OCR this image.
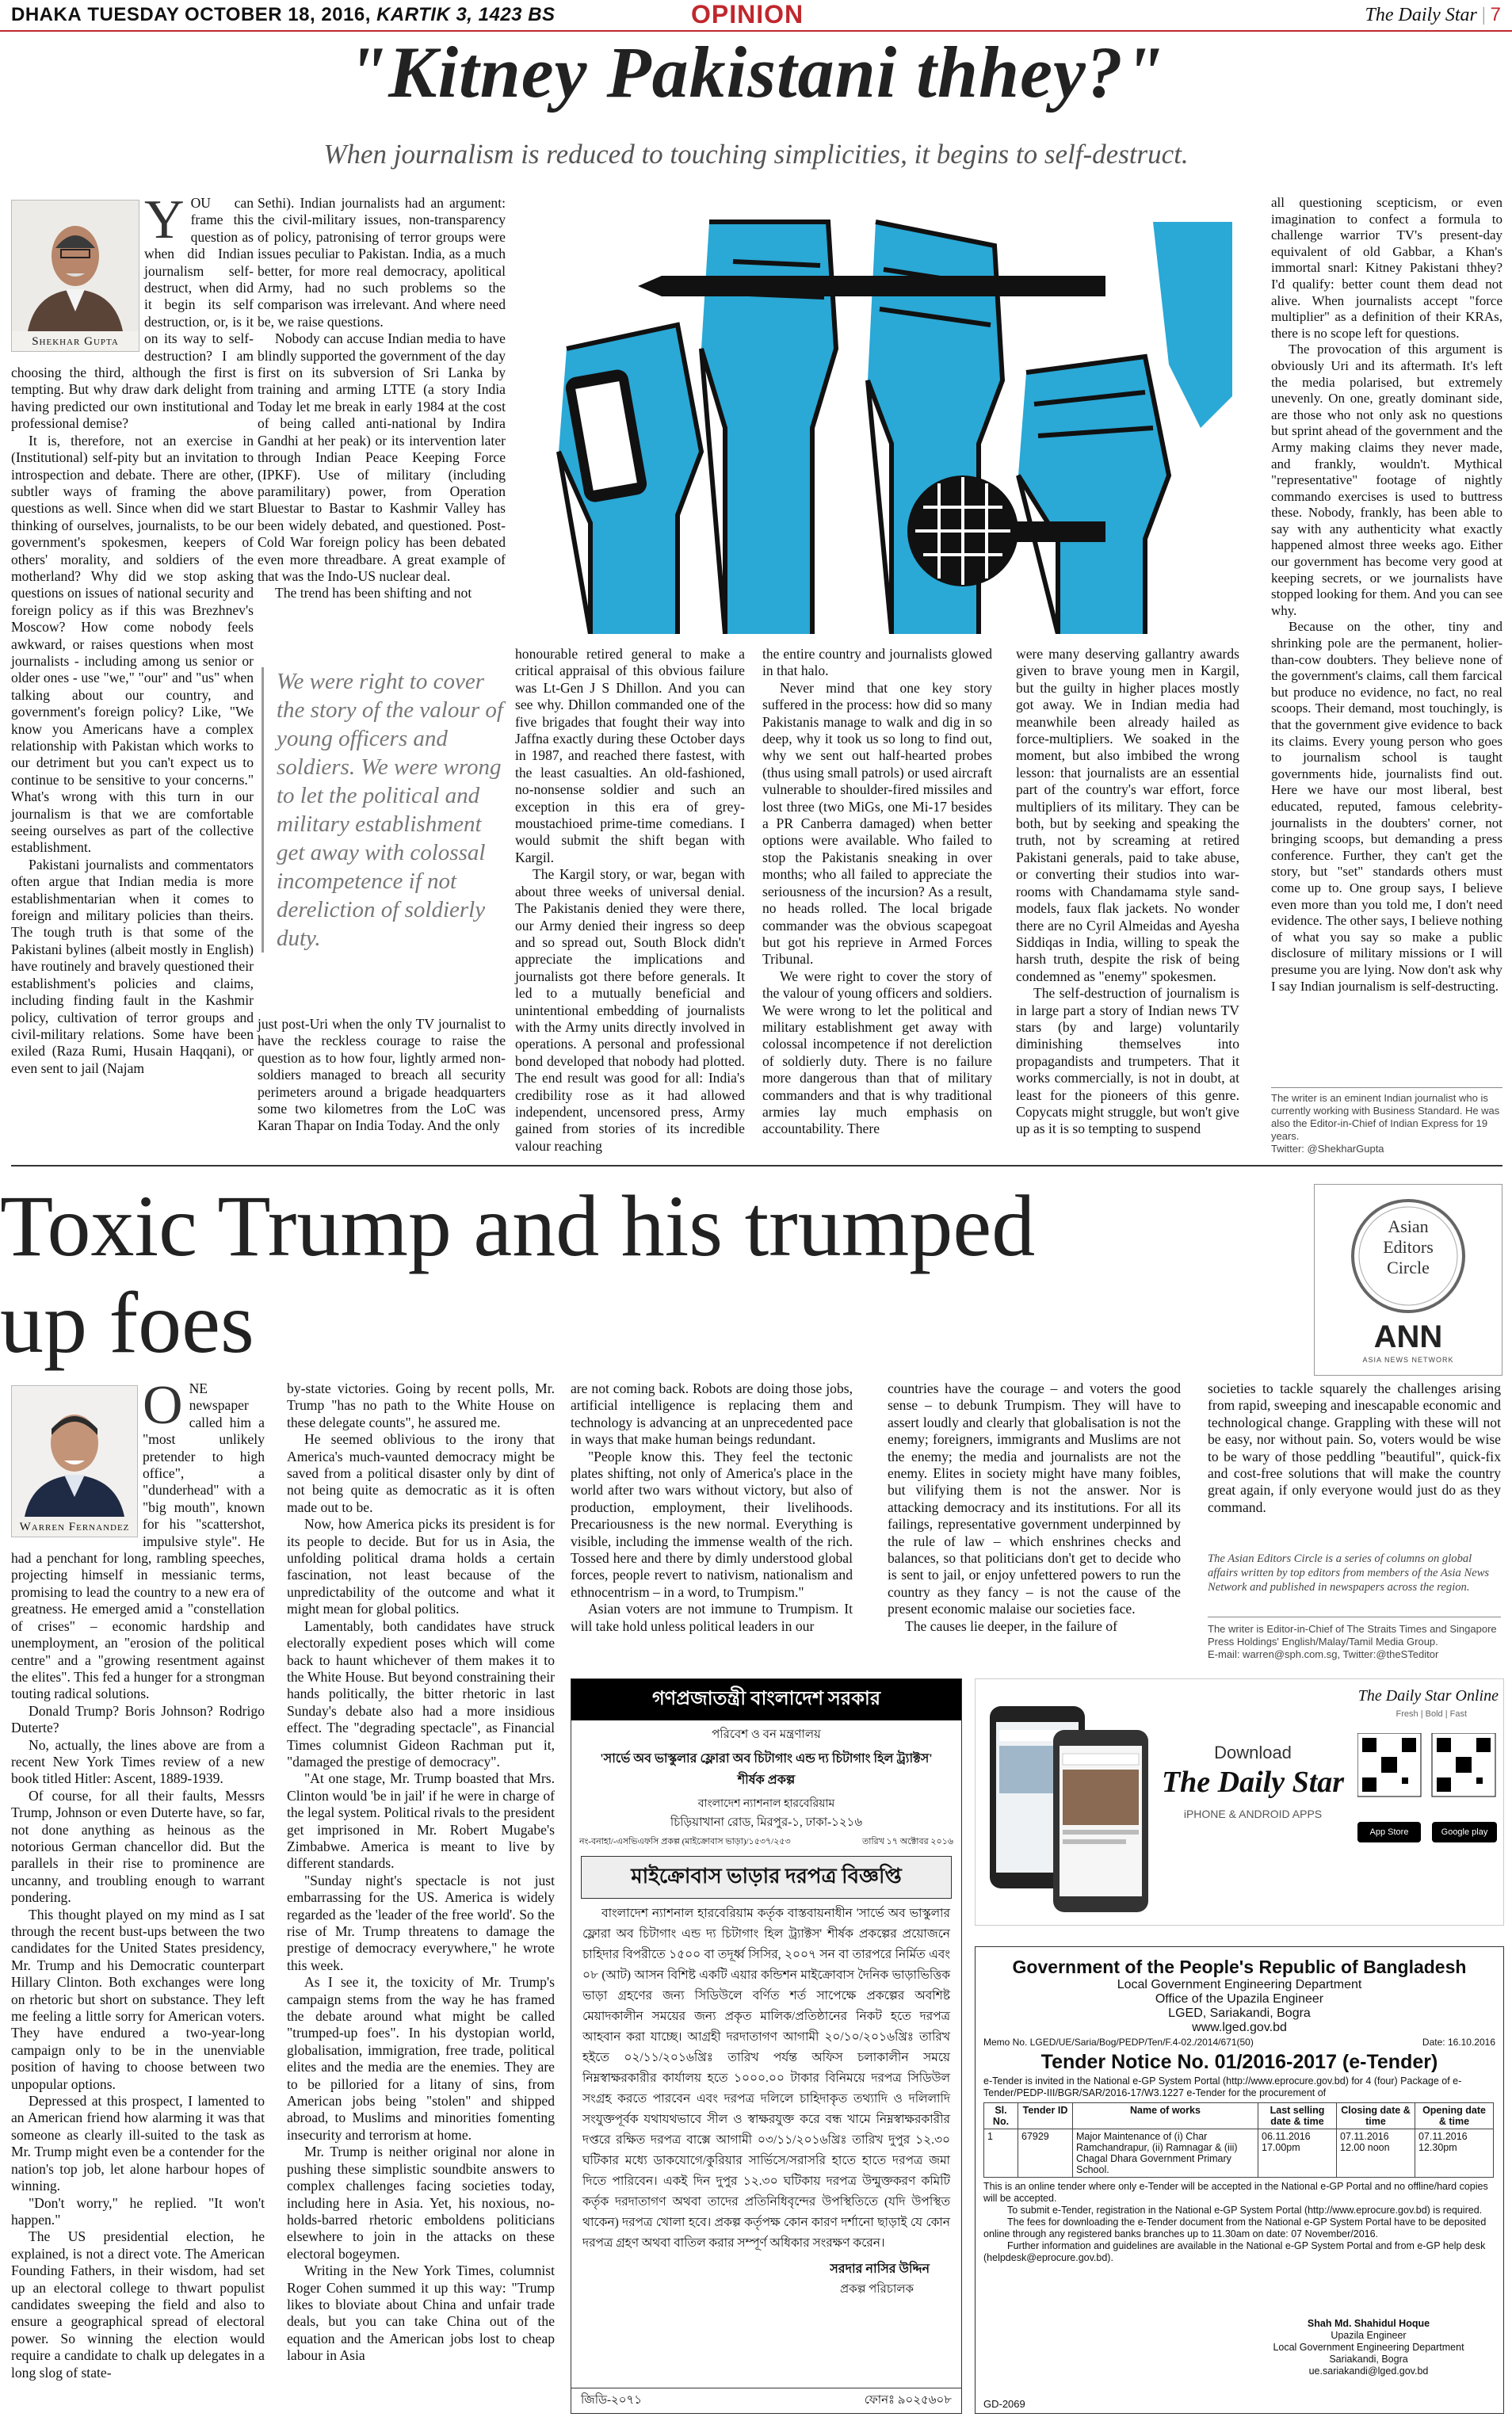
DHAKA TUESDAY OCTOBER 18, 2016, KARTIK 3, 1423 BS	OPINION	The Daily Star | 7
"Kitney Pakistani thhey?"
When journalism is reduced to touching simplicities, it begins to self-destruct.
Shekhar Gupta
Y OU can frame this question as when did Indian journalism self-destruct, when did it begin its self destruction, or, is it on its way to self-destruction? I am choosing the third, although the first is tempting. But why draw dark delight from having predicted our own institutional and professional demise?

It is, therefore, not an exercise in (Institutional) self-pity but an invitation to introspection and debate. There are other, subtler ways of framing the above questions as well. Since when did we start thinking of ourselves, journalists, to be our government's spokesmen, keepers of others' morality, and soldiers of the motherland? Why did we stop asking questions on issues of national security and foreign policy as if this was Brezhnev's Moscow? How come nobody feels awkward, or raises questions when most journalists - including among us senior or older ones - use "we," "our" and "us" when talking about our country, and government's foreign policy? Like, "We know you Americans have a complex relationship with Pakistan which works to our detriment but you can't expect us to continue to be sensitive to your concerns." What's wrong with this turn in our journalism is that we are comfortable seeing ourselves as part of the collective establishment.

Pakistani journalists and commentators often argue that Indian media is more establishmentarian when it comes to foreign and military policies than theirs. The tough truth is that some of the Pakistani bylines (albeit mostly in English) have routinely and bravely questioned their establishment's policies and claims, including finding fault in the Kashmir policy, cultivation of terror groups and civil-military relations. Some have been exiled (Raza Rumi, Husain Haqqani), or even sent to jail (Najam

Sethi). Indian journalists had an argument: the civil-military issues, non-transparency of policy, patronising of terror groups were issues peculiar to Pakistan. India, as a much better, for more real democracy, apolitical Army, had no such problems so the comparison was irrelevant. And where need be, we raise questions.

Nobody can accuse Indian media to have blindly supported the government of the day first on its subversion of Sri Lanka by training and arming LTTE (a story India Today let me break in early 1984 at the cost of being called anti-national by Indira Gandhi at her peak) or its intervention later through Indian Peace Keeping Force (IPKF). Use of military (including paramilitary) power, from Operation Bluestar to Bastar to Kashmir Valley has been widely debated, and questioned. Post-Cold War foreign policy has been debated even more threadbare. A great example of that was the Indo-US nuclear deal.

The trend has been shifting and not

We were right to cover the story of the valour of young officers and soldiers. We were wrong to let the political and military establishment get away with colossal incompetence if not dereliction of soldierly duty.

just post-Uri when the only TV journalist to have the reckless courage to raise the question as to how four, lightly armed non-soldiers managed to breach all security perimeters around a brigade headquarters some two kilometres from the LoC was Karan Thapar on India Today. And the only

honourable retired general to make a critical appraisal of this obvious failure was Lt-Gen J S Dhillon. And you can see why. Dhillon commanded one of the five brigades that fought their way into Jaffna exactly during these October days in 1987, and reached there fastest, with the least casualties. An old-fashioned, no-nonsense soldier and such an exception in this era of grey-moustachioed prime-time comedians. I would submit the shift began with Kargil.

The Kargil story, or war, began with about three weeks of universal denial. The Pakistanis denied they were there, our Army denied their ingress so deep and so spread out, South Block didn't appreciate the implications and journalists got there before generals. It led to a mutually beneficial and unintentional embedding of journalists with the Army units directly involved in operations. A personal and professional bond developed that nobody had plotted. The end result was good for all: India's credibility rose as it had allowed independent, uncensored press, Army gained from stories of its incredible valour reaching

the entire country and journalists glowed in that halo.

Never mind that one key story suffered in the process: how did so many Pakistanis manage to walk and dig in so deep, why it took us so long to find out, why we sent out half-hearted probes (thus using small patrols) or used aircraft vulnerable to shoulder-fired missiles and lost three (two MiGs, one Mi-17 besides a PR Canberra damaged) when better options were available. Who failed to stop the Pakistanis sneaking in over months; who all failed to appreciate the seriousness of the incursion? As a result, no heads rolled. The local brigade commander was the obvious scapegoat but got his reprieve in Armed Forces Tribunal.

We were right to cover the story of the valour of young officers and soldiers. We were wrong to let the political and military establishment get away with colossal incompetence if not dereliction of soldierly duty. There is no failure more dangerous than that of military commanders and that is why traditional armies lay much emphasis on accountability. There

were many deserving gallantry awards given to brave young men in Kargil, but the guilty in higher places mostly got away. We in Indian media had meanwhile been already hailed as force-multipliers. We soaked in the moment, but also imbibed the wrong lesson: that journalists are an essential part of the country's war effort, force multipliers of its military. They can be both, but by seeking and speaking the truth, not by screaming at retired Pakistani generals, paid to take abuse, or converting their studios into war-rooms with Chandamama style sand-models, faux flak jackets. No wonder there are no Cyril Almeidas and Ayesha Siddiqas in India, willing to speak the harsh truth, despite the risk of being condemned as "enemy" spokesmen.

The self-destruction of journalism is in large part a story of Indian news TV stars (by and large) voluntarily diminishing themselves into propagandists and trumpeters. That it works commercially, is not in doubt, at least for the pioneers of this genre. Copycats might struggle, but won't give up as it is so tempting to suspend

all questioning scepticism, or even imagination to confect a formula to challenge warrior TV's present-day equivalent of old Gabbar, a Khan's immortal snarl: Kitney Pakistani thhey? I'd qualify: better count them dead not alive. When journalists accept "force multiplier" as a definition of their KRAs, there is no scope left for questions.

The provocation of this argument is obviously Uri and its aftermath. It's left the media polarised, but extremely unevenly. On one, greatly dominant side, are those who not only ask no questions but sprint ahead of the government and the Army making claims they never made, and frankly, wouldn't. Mythical "representative" footage of nightly commando exercises is used to buttress these. Nobody, frankly, has been able to say with any authenticity what exactly happened almost three weeks ago. Either our government has become very good at keeping secrets, or we journalists have stopped looking for them. And you can see why.

Because on the other, tiny and shrinking pole are the permanent, holier-than-cow doubters. They believe none of the government's claims, call them farcical but produce no evidence, no fact, no real scoops. Their demand, most touchingly, is that the government give evidence to back its claims. Every young person who goes to journalism school is taught governments hide, journalists find out. Here we have our most liberal, best educated, reputed, famous celebrity-journalists in the doubters' corner, not bringing scoops, but demanding a press conference. Further, they can't get the story, but "set" standards others must come up to. One group says, I believe even more than you told me, I don't need evidence. The other says, I believe nothing of what you say so make a public disclosure of military missions or I will presume you are lying. Now don't ask why I say Indian journalism is self-destructing.

The writer is an eminent Indian journalist who is currently working with Business Standard. He was also the Editor-in-Chief of Indian Express for 19 years.
Twitter: @ShekharGupta
Toxic Trump and his trumped
up foes
Asian
Editors
Circle
ANN
ASIA NEWS NETWORK
Warren Fernandez
O NE newspaper called him a "most unlikely pretender to high office", a "dunderhead" with a "big mouth", known for his "scattershot, impulsive style". He had a penchant for long, rambling speeches, projecting himself in messianic terms, promising to lead the country to a new era of greatness. He emerged amid a "constellation of crises" – economic hardship and unemployment, an "erosion of the political centre" and a "growing resentment against the elites". This fed a hunger for a strongman touting radical solutions.

Donald Trump? Boris Johnson? Rodrigo Duterte?

No, actually, the lines above are from a recent New York Times review of a new book titled Hitler: Ascent, 1889-1939.

Of course, for all their faults, Messrs Trump, Johnson or even Duterte have, so far, not done anything as heinous as the notorious German chancellor did. But the parallels in their rise to prominence are uncanny, and troubling enough to warrant pondering.

This thought played on my mind as I sat through the recent bust-ups between the two candidates for the United States presidency, Mr. Trump and his Democratic counterpart Hillary Clinton. Both exchanges were long on rhetoric but short on substance. They left me feeling a little sorry for American voters. They have endured a two-year-long campaign only to be in the unenviable position of having to choose between two unpopular options.

Depressed at this prospect, I lamented to an American friend how alarming it was that someone as clearly ill-suited to the task as Mr. Trump might even be a contender for the nation's top job, let alone harbour hopes of winning.

"Don't worry," he replied. "It won't happen."

The US presidential election, he explained, is not a direct vote. The American Founding Fathers, in their wisdom, had set up an electoral college to thwart populist candidates sweeping the field and also to ensure a geographical spread of electoral power. So winning the election would require a candidate to chalk up delegates in a long slog of state-

by-state victories. Going by recent polls, Mr. Trump "has no path to the White House on these delegate counts", he assured me.

He seemed oblivious to the irony that America's much-vaunted democracy might be saved from a political disaster only by dint of not being quite as democratic as it is often made out to be.

Now, how America picks its president is for its people to decide. But for us in Asia, the unfolding political drama holds a certain fascination, not least because of the unpredictability of the outcome and what it might mean for global politics.

Lamentably, both candidates have struck electorally expedient poses which will come back to haunt whichever of them makes it to the White House. But beyond constraining their hands politically, the bitter rhetoric in last Sunday's debate also had a more insidious effect. The "degrading spectacle", as Financial Times columnist Gideon Rachman put it, "damaged the prestige of democracy".

"At one stage, Mr. Trump boasted that Mrs. Clinton would 'be in jail' if he were in charge of the legal system. Political rivals to the president get imprisoned in Mr. Robert Mugabe's Zimbabwe. America is meant to live by different standards.

"Sunday night's spectacle is not just embarrassing for the US. America is widely regarded as the 'leader of the free world'. So the rise of Mr. Trump threatens to damage the prestige of democracy everywhere," he wrote this week.

As I see it, the toxicity of Mr. Trump's campaign stems from the way he has framed the debate around what might be called "trumped-up foes". In his dystopian world, globalisation, immigration, free trade, political elites and the media are the enemies. They are to be pilloried for a litany of sins, from American jobs being "stolen" and shipped abroad, to Muslims and minorities fomenting insecurity and terrorism at home.

Mr. Trump is neither original nor alone in pushing these simplistic soundbite answers to complex challenges facing societies today, including here in Asia. Yet, his noxious, no-holds-barred rhetoric emboldens politicians elsewhere to join in the attacks on these electoral bogeymen.

Writing in the New York Times, columnist Roger Cohen summed it up this way: "Trump likes to bloviate about China and unfair trade deals, but you can take China out of the equation and the American jobs lost to cheap labour in Asia

are not coming back. Robots are doing those jobs, artificial intelligence is replacing them and technology is advancing at an unprecedented pace in ways that make human beings redundant.

"People know this. They feel the tectonic plates shifting, not only of America's place in the world after two wars without victory, but also of production, employment, their livelihoods. Precariousness is the new normal. Everything is visible, including the immense wealth of the rich. Tossed here and there by dimly understood global forces, people revert to nativism, nationalism and ethnocentrism – in a word, to Trumpism."

Asian voters are not immune to Trumpism. It will take hold unless political leaders in our

countries have the courage – and voters the good sense – to debunk Trumpism. They will have to assert loudly and clearly that globalisation is not the enemy; foreigners, immigrants and Muslims are not the enemy; the media and journalists are not the enemy. Elites in society might have many foibles, but vilifying them is not the answer. Nor is attacking democracy and its institutions. For all its failings, representative government underpinned by the rule of law – which enshrines checks and balances, so that politicians don't get to decide who is sent to jail, or enjoy unfettered powers to run the country as they fancy – is not the cause of the present economic malaise our societies face.

The causes lie deeper, in the failure of

societies to tackle squarely the challenges arising from rapid, sweeping and inescapable economic and technological change. Grappling with these will not be easy, nor without pain. So, voters would be wise to be wary of those peddling "beautiful", quick-fix and cost-free solutions that will make the country great again, if only everyone would just do as they command.

The Asian Editors Circle is a series of columns on global affairs written by top editors from members of the Asia News Network and published in newspapers across the region.
The writer is Editor-in-Chief of The Straits Times and Singapore Press Holdings' English/Malay/Tamil Media Group.
E-mail: warren@sph.com.sg, Twitter:@theSTeditor
গণপ্রজাতন্ত্রী বাংলাদেশ সরকার
পরিবেশ ও বন মন্ত্রণালয়
'সার্ভে অব ভাস্কুলার ফ্লোরা অব চিটাগাং এন্ড দ্য চিটাগাং হিল ট্র্যাক্টস'
শীর্ষক প্রকল্প
বাংলাদেশ ন্যাশনাল হারবেরিয়াম
চিড়িয়াখানা রোড, মিরপুর-১, ঢাকা-১২১৬
নং-বনাহা/-এসভিএফসি প্রকল্প (মাইক্রোবাস ভাড়া)/১৫৩৭/২৫৩	তারিখ ১৭ অক্টোবর ২০১৬
মাইক্রোবাস ভাড়ার দরপত্র বিজ্ঞপ্তি
বাংলাদেশ ন্যাশনাল হারবেরিয়াম কর্তৃক বাস্তবায়নাধীন 'সার্ভে অব ভাস্কুলার ফ্লোরা অব চিটাগাং এন্ড দ্য চিটাগাং হিল ট্র্যাক্টস' শীর্ষক প্রকল্পের প্রয়োজনে চাহিদার বিপরীতে ১৫০০ বা তদূর্ধ্ব সিসির, ২০০৭ সন বা তারপরে নির্মিত এবং ০৮ (আট) আসন বিশিষ্ট একটি এয়ার কন্ডিশন মাইক্রোবাস দৈনিক ভাড়াভিত্তিক ভাড়া গ্রহণের জন্য সিডিউলে বর্ণিত শর্ত সাপেক্ষে প্রকল্পের অবশিষ্ট মেয়াদকালীন সময়ের জন্য প্রকৃত মালিক/প্রতিষ্ঠানের নিকট হতে দরপত্র আহবান করা যাচ্ছে। আগ্রহী দরদাতাগণ আগামী ২০/১০/২০১৬খ্রিঃ তারিখ হইতে ০২/১১/২০১৬খ্রিঃ তারিখ পর্যন্ত অফিস চলাকালীন সময়ে নিম্নস্বাক্ষরকারীর কার্যালয় হতে ১০০০.০০ টাকার বিনিময়ে দরপত্র সিডিউল সংগ্রহ করতে পারবেন এবং দরপত্র দলিলে চাহিদাকৃত তথ্যাদি ও দলিলাদি সংযুক্তপূর্বক যথাযথভাবে সীল ও স্বাক্ষরযুক্ত করে বন্ধ খামে নিম্নস্বাক্ষরকারীর দপ্তরে রক্ষিত দরপত্র বাক্সে আগামী ০৩/১১/২০১৬খ্রিঃ তারিখ দুপুর ১২.৩০ ঘটিকার মধ্যে ডাকযোগে/কুরিয়ার সার্ভিসে/সরাসরি হাতে হাতে দরপত্র জমা দিতে পারিবেন। একই দিন দুপুর ১২.৩০ ঘটিকায় দরপত্র উন্মুক্তকরণ কমিটি কর্তৃক দরদাতাগণ অথবা তাদের প্রতিনিধিবৃন্দের উপস্থিতিতে (যদি উপস্থিত থাকেন) দরপত্র খোলা হবে। প্রকল্প কর্তৃপক্ষ কোন কারণ দর্শানো ছাড়াই যে কোন দরপত্র গ্রহণ অথবা বাতিল করার সম্পূর্ণ অধিকার সংরক্ষণ করেন।
সরদার নাসির উদ্দিন
প্রকল্প পরিচালক
জিডি-২০৭১	ফোনঃ ৯০২৫৬০৮
The Daily Star Online
Fresh | Bold | Fast
Download
The Daily Star
iPHONE & ANDROID APPS
App Store	Google play
Government of the People's Republic of Bangladesh
Local Government Engineering Department
Office of the Upazila Engineer
LGED, Sariakandi, Bogra
www.lged.gov.bd
Memo No. LGED/UE/Saria/Bog/PEDP/Ten/F.4-02./2014/671(50)	Date: 16.10.2016
Tender Notice No. 01/2016-2017 (e-Tender)
e-Tender is invited in the National e-GP System Portal (http://www.eprocure.gov.bd) for 4 (four) Package of e-Tender/PEDP-III/BGR/SAR/2016-17/W3.1227 e-Tender for the procurement of
Sl. No.	Tender ID	Name of works	Last selling date & time	Closing date & time	Opening date & time
1	67929	Major Maintenance of (i) Char Ramchandrapur, (ii) Ramnagar & (iii) Chagal Dhara Government Primary School.	06.11.2016 17.00pm	07.11.2016 12.00 noon	07.11.2016 12.30pm
This is an online tender where only e-Tender will be accepted in the National e-GP Portal and no offline/hard copies will be accepted.
To submit e-Tender, registration in the National e-GP System Portal (http://www.eprocure.gov.bd) is required.
The fees for downloading the e-Tender document from the National e-GP System Portal have to be deposited online through any registered banks branches up to 11.30am on date: 07 November/2016.
Further information and guidelines are available in the National e-GP System Portal and from e-GP help desk (helpdesk@eprocure.gov.bd).
Shah Md. Shahidul Hoque
Upazila Engineer
Local Government Engineering Department
Sariakandi, Bogra
ue.sariakandi@lged.gov.bd
GD-2069
